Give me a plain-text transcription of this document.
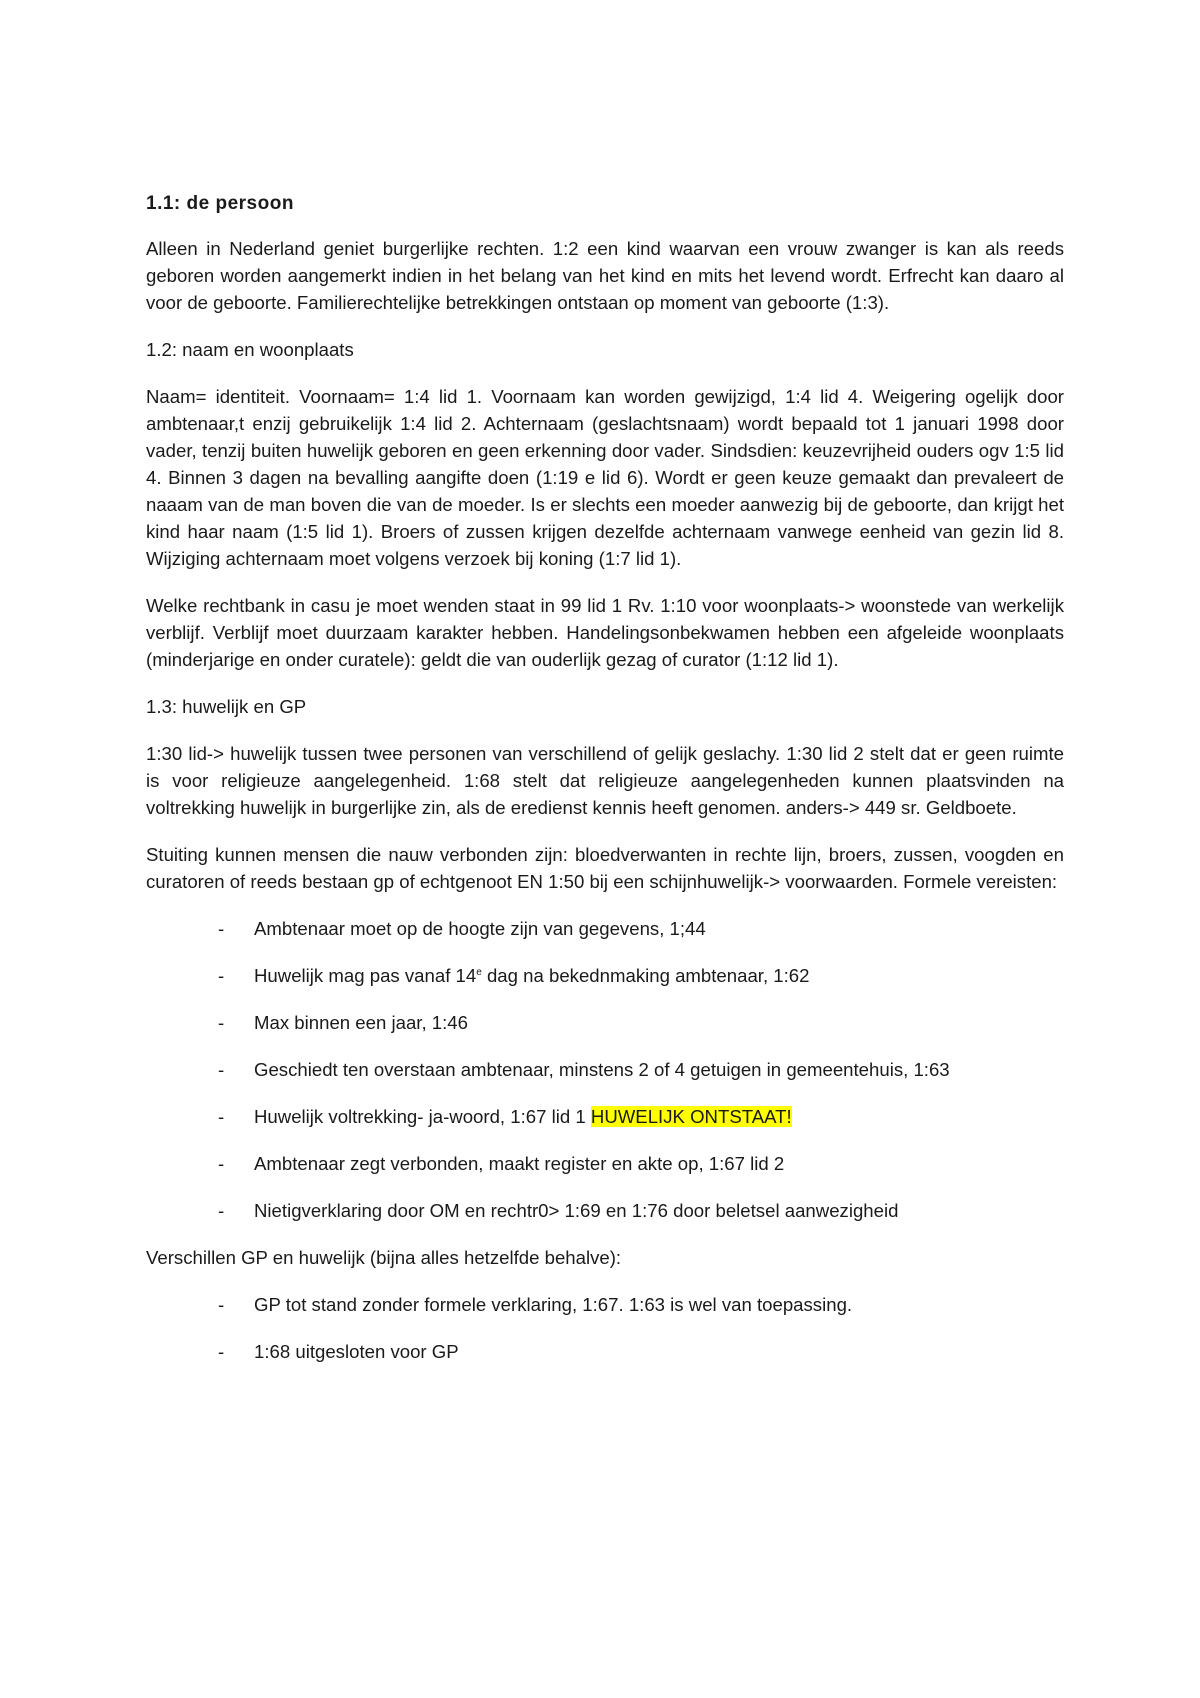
1.1: de persoon

Alleen in Nederland geniet burgerlijke rechten. 1:2 een kind waarvan een vrouw zwanger is kan als reeds geboren worden aangemerkt indien in het belang van het kind en mits het levend wordt. Erfrecht kan daaro al voor de geboorte. Familierechtelijke betrekkingen ontstaan op moment van geboorte (1:3).

1.2: naam en woonplaats

Naam= identiteit. Voornaam= 1:4 lid 1. Voornaam kan worden gewijzigd, 1:4 lid 4. Weigering ogelijk door ambtenaar,t enzij gebruikelijk 1:4 lid 2. Achternaam (geslachtsnaam) wordt bepaald tot 1 januari 1998 door vader, tenzij buiten huwelijk geboren en geen erkenning door vader. Sindsdien: keuzevrijheid ouders ogv 1:5 lid 4. Binnen 3 dagen na bevalling aangifte doen (1:19 e lid 6). Wordt er geen keuze gemaakt dan prevaleert de naaam van de man boven die van de moeder. Is er slechts een moeder aanwezig bij de geboorte, dan krijgt het kind haar naam (1:5 lid 1). Broers of zussen krijgen dezelfde achternaam vanwege eenheid van gezin lid 8. Wijziging achternaam moet volgens verzoek bij koning (1:7 lid 1).

Welke rechtbank in casu je moet wenden staat in 99 lid 1 Rv. 1:10 voor woonplaats-> woonstede van werkelijk verblijf. Verblijf moet duurzaam karakter hebben. Handelingsonbekwamen hebben een afgeleide woonplaats (minderjarige en onder curatele): geldt die van ouderlijk gezag of curator (1:12 lid 1).

1.3: huwelijk en GP

1:30 lid-> huwelijk tussen twee personen van verschillend of gelijk geslachy. 1:30 lid 2 stelt dat er geen ruimte is voor religieuze aangelegenheid. 1:68 stelt dat religieuze aangelegenheden kunnen plaatsvinden na voltrekking huwelijk in burgerlijke zin, als de eredienst kennis heeft genomen. anders-> 449 sr. Geldboete.

Stuiting kunnen mensen die nauw verbonden zijn: bloedverwanten in rechte lijn, broers, zussen, voogden en curatoren of reeds bestaan gp of echtgenoot EN 1:50 bij een schijnhuwelijk-> voorwaarden. Formele vereisten:

- Ambtenaar moet op de hoogte zijn van gegevens, 1;44
- Huwelijk mag pas vanaf 14e dag na bekednmaking ambtenaar, 1:62
- Max binnen een jaar, 1:46
- Geschiedt ten overstaan ambtenaar, minstens 2 of 4 getuigen in gemeentehuis, 1:63
- Huwelijk voltrekking- ja-woord, 1:67 lid 1 HUWELIJK ONTSTAAT!
- Ambtenaar zegt verbonden, maakt register en akte op, 1:67 lid 2
- Nietigverklaring door OM en rechtr0> 1:69 en 1:76 door beletsel aanwezigheid

Verschillen GP en huwelijk (bijna alles hetzelfde behalve):

- GP tot stand zonder formele verklaring, 1:67. 1:63 is wel van toepassing.
- 1:68 uitgesloten voor GP
